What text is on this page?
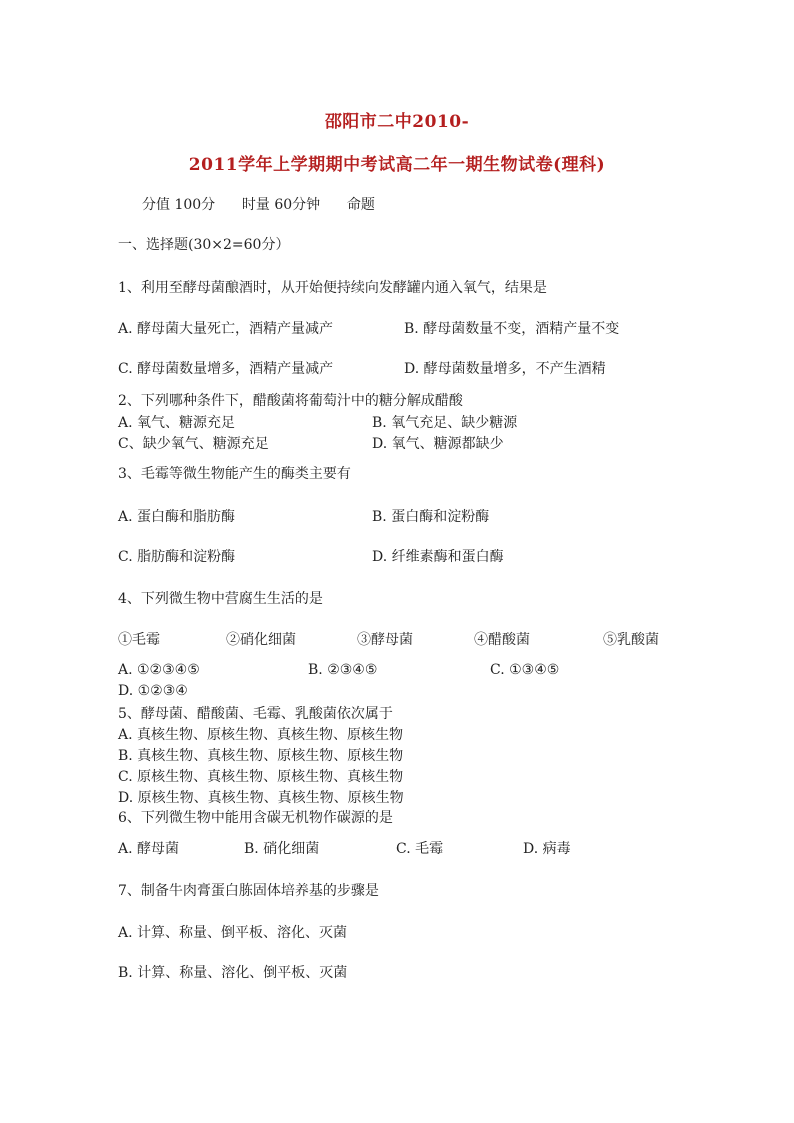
邵阳市二中2010-
2011学年上学期期中考试高二年一期生物试卷(理科)
分值 100分      时量 60分钟      命题
一、选择题(30×2=60分）
1、利用至酵母菌酿酒时，从开始便持续向发酵罐内通入氧气，结果是
A. 酵母菌大量死亡，酒精产量减产	B. 酵母菌数量不变，酒精产量不变
C. 酵母菌数量增多，酒精产量减产	D. 酵母菌数量增多，不产生酒精
2、下列哪种条件下，醋酸菌将葡萄汁中的糖分解成醋酸
A. 氧气、糖源充足	B. 氧气充足、缺少糖源
C、缺少氧气、糖源充足	D. 氧气、糖源都缺少
3、毛霉等微生物能产生的酶类主要有
A. 蛋白酶和脂肪酶	B. 蛋白酶和淀粉酶
C. 脂肪酶和淀粉酶	D. 纤维素酶和蛋白酶
4、下列微生物中营腐生生活的是
①毛霉	②硝化细菌	③酵母菌	④醋酸菌	⑤乳酸菌
A. ①②③④⑤	B. ②③④⑤	C. ①③④⑤
D. ①②③④
5、酵母菌、醋酸菌、毛霉、乳酸菌依次属于
A. 真核生物、原核生物、真核生物、原核生物
B. 真核生物、真核生物、原核生物、原核生物
C. 原核生物、真核生物、原核生物、真核生物
D. 原核生物、真核生物、真核生物、原核生物
6、下列微生物中能用含碳无机物作碳源的是
A. 酵母菌	B. 硝化细菌	C. 毛霉	D. 病毒
7、制备牛肉膏蛋白胨固体培养基的步骤是
A. 计算、称量、倒平板、溶化、灭菌
B. 计算、称量、溶化、倒平板、灭菌
